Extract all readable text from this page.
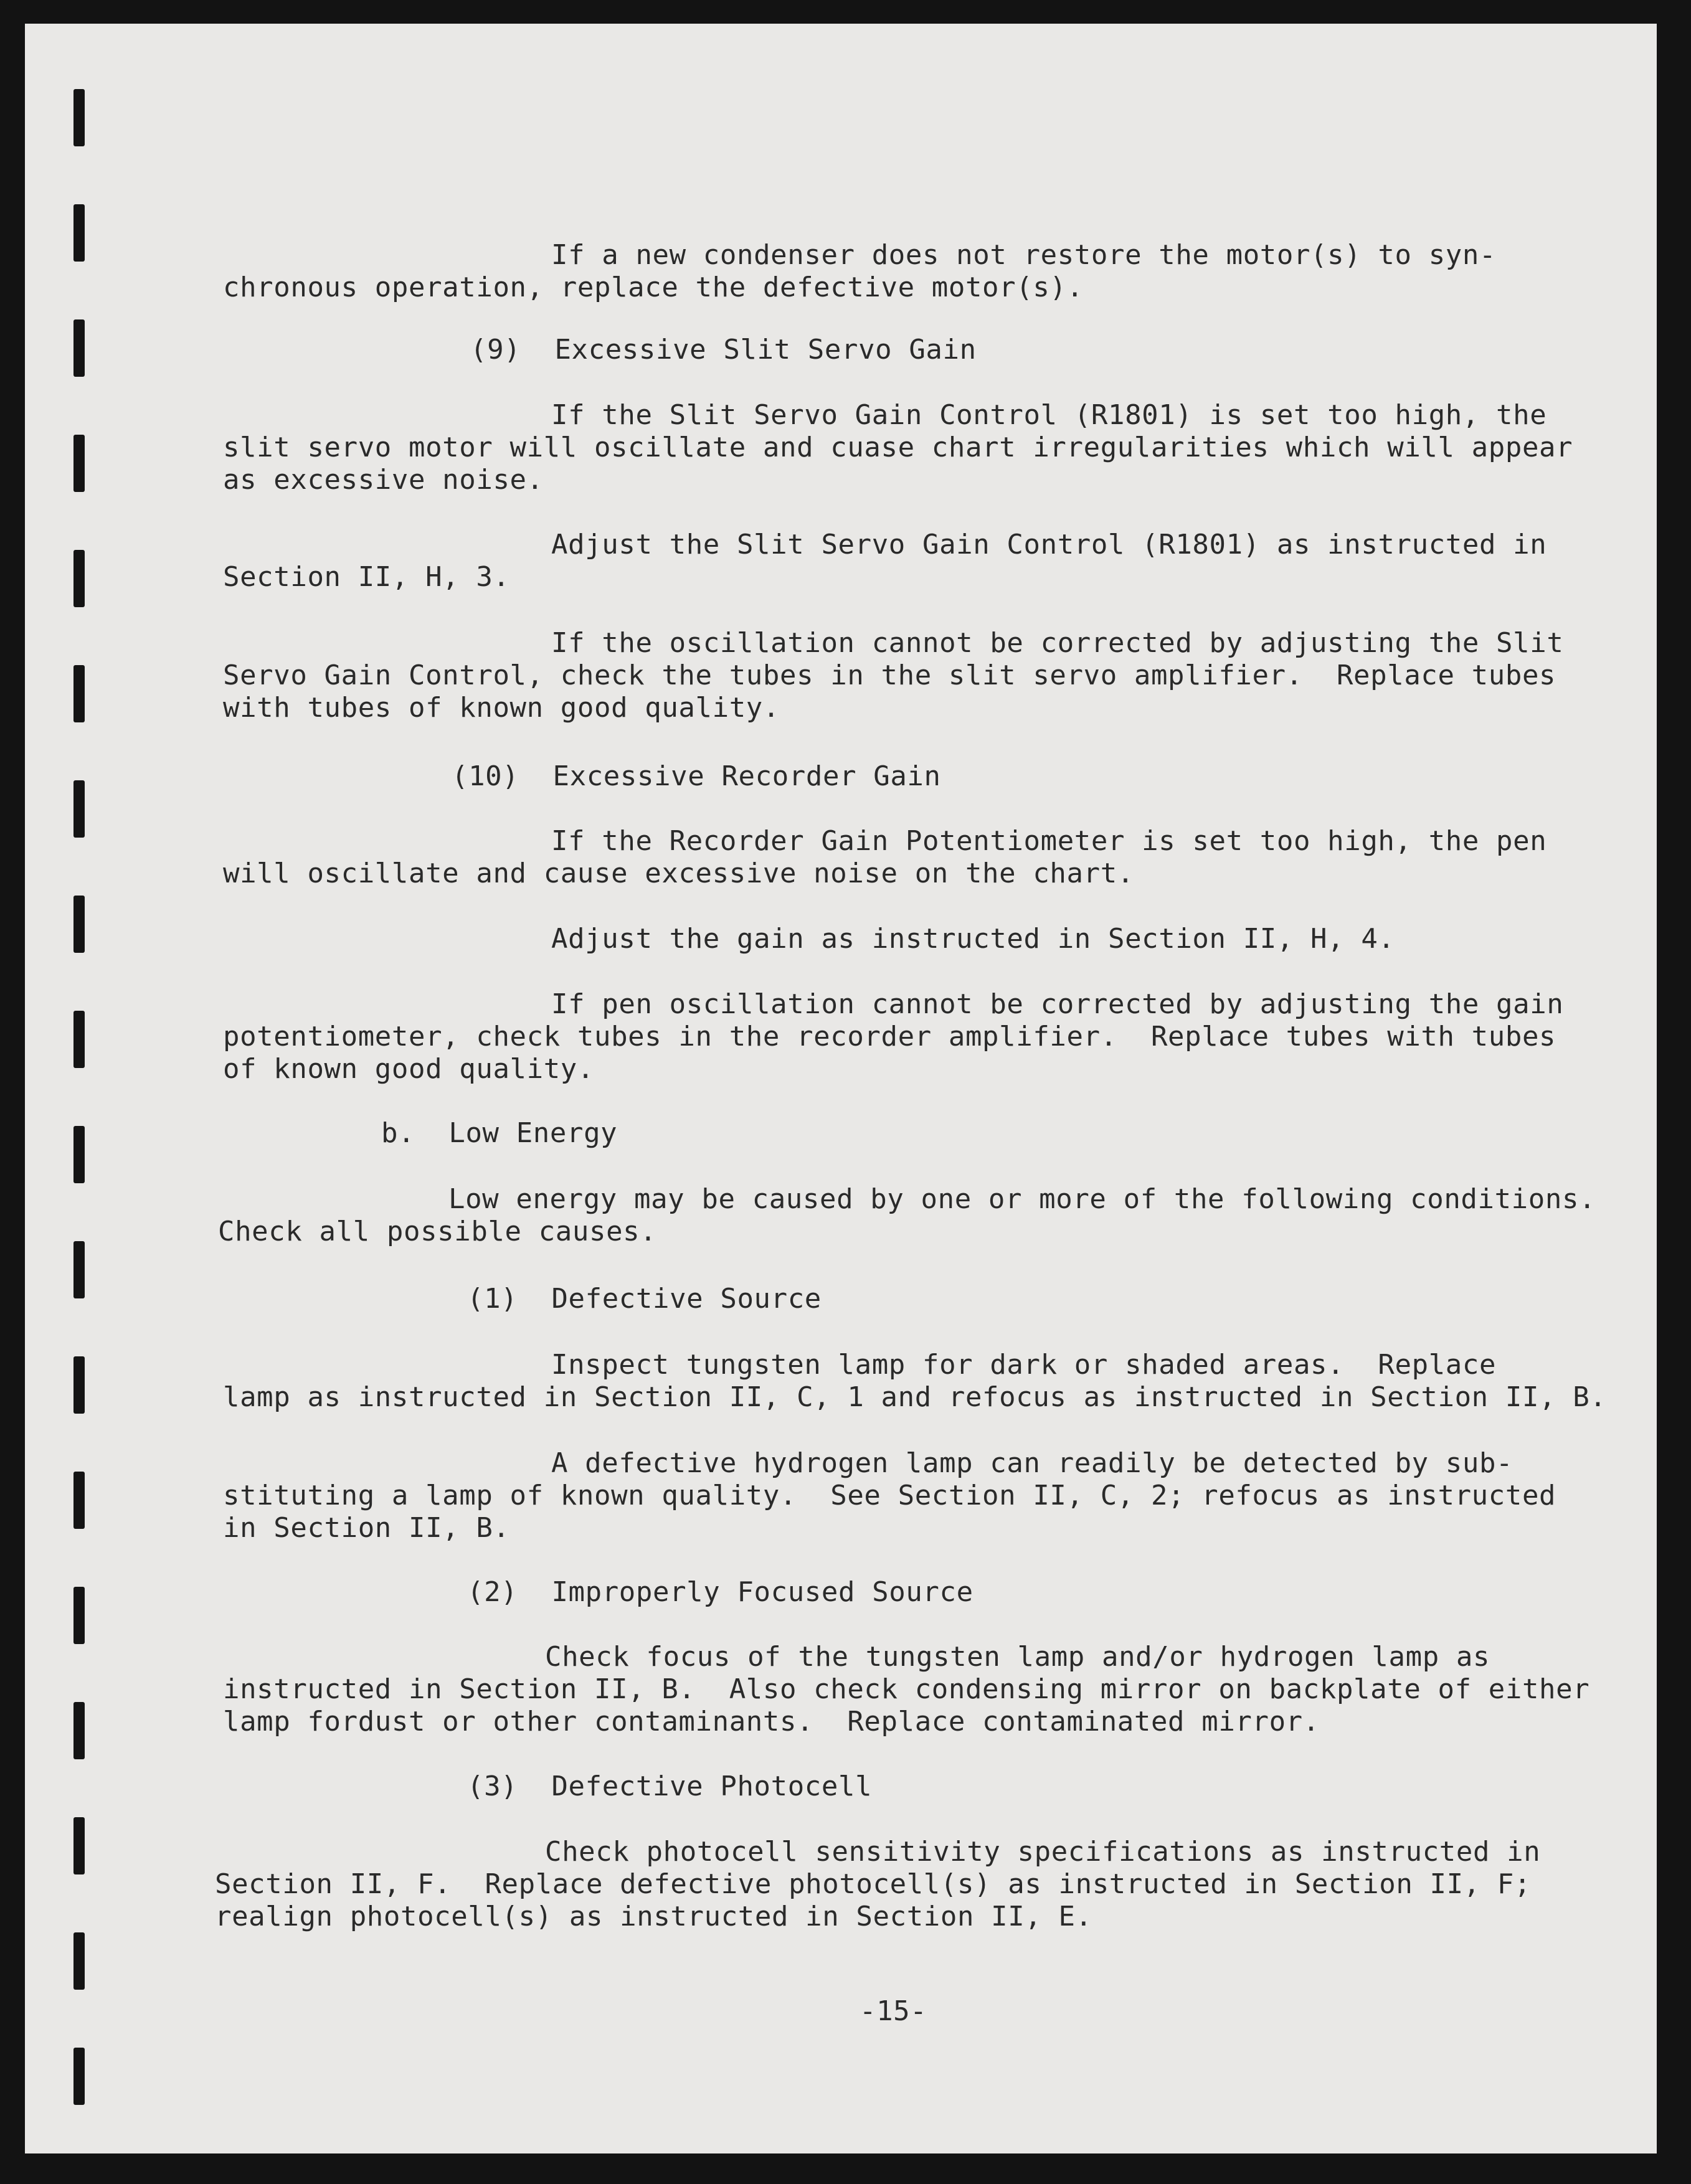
If a new condenser does not restore the motor(s) to syn-

chronous operation, replace the defective motor(s).

(9)  Excessive Slit Servo Gain

If the Slit Servo Gain Control (R1801) is set too high, the

slit servo motor will oscillate and cuase chart irregularities which will appear

as excessive noise.

Adjust the Slit Servo Gain Control (R1801) as instructed in

Section II, H, 3.

If the oscillation cannot be corrected by adjusting the Slit

Servo Gain Control, check the tubes in the slit servo amplifier.  Replace tubes

with tubes of known good quality.

(10)  Excessive Recorder Gain

If the Recorder Gain Potentiometer is set too high, the pen

will oscillate and cause excessive noise on the chart.

Adjust the gain as instructed in Section II, H, 4.

If pen oscillation cannot be corrected by adjusting the gain

potentiometer, check tubes in the recorder amplifier.  Replace tubes with tubes

of known good quality.

b.  Low Energy

Low energy may be caused by one or more of the following conditions.

Check all possible causes.

(1)  Defective Source

Inspect tungsten lamp for dark or shaded areas.  Replace

lamp as instructed in Section II, C, 1 and refocus as instructed in Section II, B.

A defective hydrogen lamp can readily be detected by sub-

stituting a lamp of known quality.  See Section II, C, 2; refocus as instructed

in Section II, B.

(2)  Improperly Focused Source

Check focus of the tungsten lamp and/or hydrogen lamp as

instructed in Section II, B.  Also check condensing mirror on backplate of either

lamp fordust or other contaminants.  Replace contaminated mirror.

(3)  Defective Photocell

Check photocell sensitivity specifications as instructed in

Section II, F.  Replace defective photocell(s) as instructed in Section II, F;

realign photocell(s) as instructed in Section II, E.

-15-
